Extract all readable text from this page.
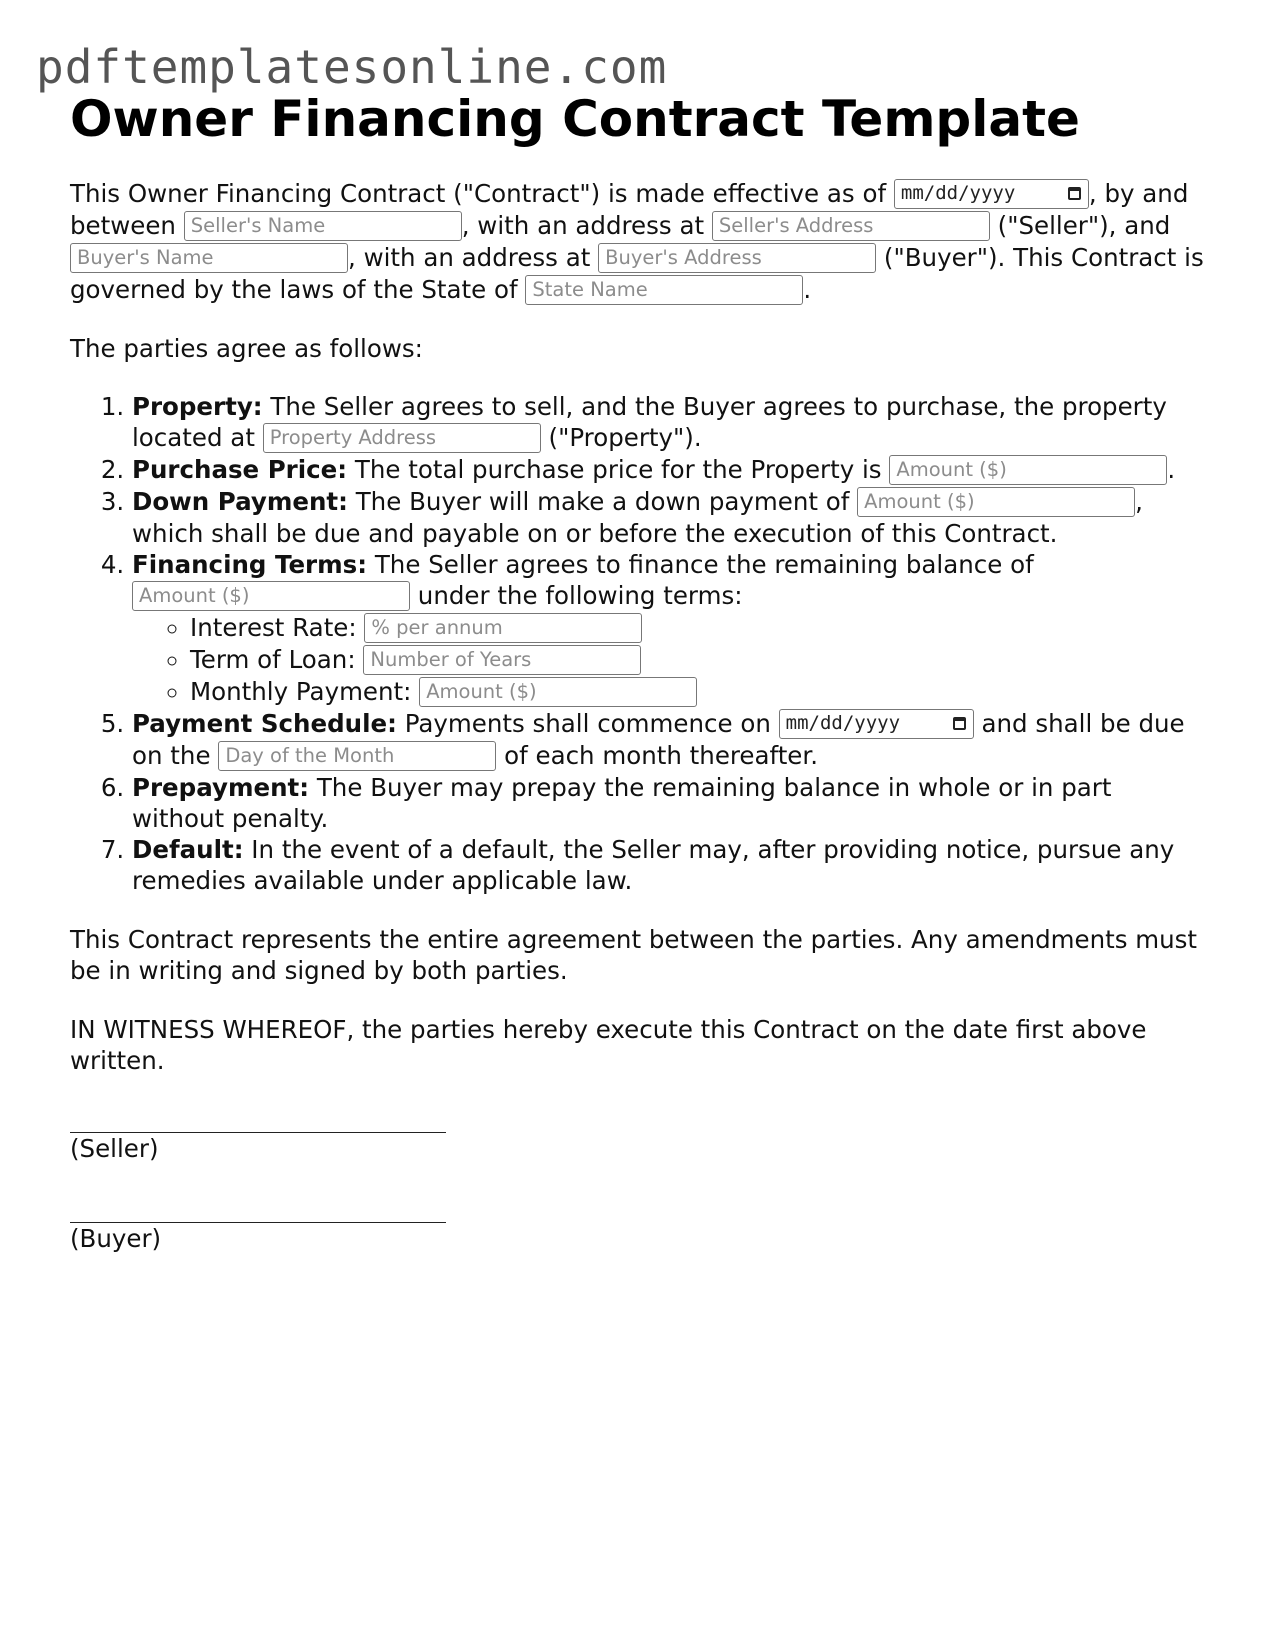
pdftemplatesonline.com
Owner Financing Contract Template

This Owner Financing Contract ("Contract") is made effective as of mm/dd/yyyy	, by and between Seller's Name	, with an address at Seller's Address	("Seller"), and Buyer's Name	, with an address at Buyer's Address	("Buyer"). This Contract is governed by the laws of the State of State Name	.

The parties agree as follows:

1. Property: The Seller agrees to sell, and the Buyer agrees to purchase, the property located at Property Address	("Property").
2. Purchase Price: The total purchase price for the Property is Amount ($)	.
3. Down Payment: The Buyer will make a down payment of Amount ($)	, which shall be due and payable on or before the execution of this Contract.
4. Financing Terms: The Seller agrees to finance the remaining balance of Amount ($)	under the following terms:
◦ Interest Rate: % per annum
◦ Term of Loan: Number of Years
◦ Monthly Payment: Amount ($)
5. Payment Schedule: Payments shall commence on mm/dd/yyyy	and shall be due on the Day of the Month	of each month thereafter.
6. Prepayment: The Buyer may prepay the remaining balance in whole or in part without penalty.
7. Default: In the event of a default, the Seller may, after providing notice, pursue any remedies available under applicable law.

This Contract represents the entire agreement between the parties. Any amendments must be in writing and signed by both parties.

IN WITNESS WHEREOF, the parties hereby execute this Contract on the date first above written.

(Seller)
(Buyer)
